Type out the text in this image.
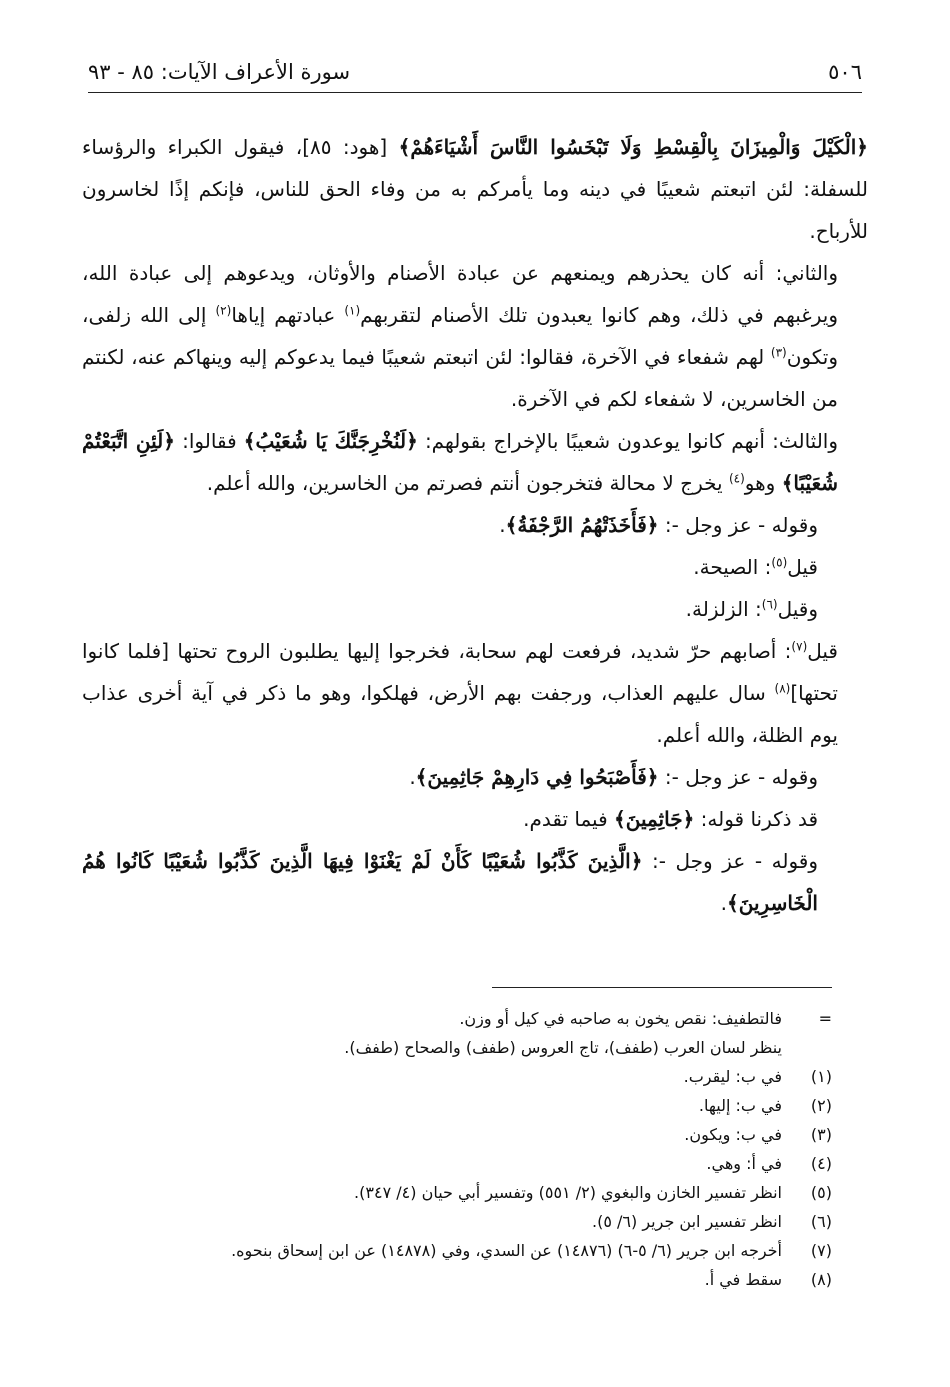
٥٠٦
سورة الأعراف الآيات: ٨٥ - ٩٣

﴿الْكَيْلَ وَالْمِيزَانَ بِالْقِسْطِ وَلَا تَبْخَسُوا النَّاسَ أَشْيَاءَهُمْ﴾ [هود: ٨٥]، فيقول الكبراء والرؤساء للسفلة: لئن اتبعتم شعيبًا في دينه وما يأمركم به من وفاء الحق للناس، فإنكم إذًا لخاسرون للأرباح.

والثاني: أنه كان يحذرهم ويمنعهم عن عبادة الأصنام والأوثان، ويدعوهم إلى عبادة الله، ويرغبهم في ذلك، وهم كانوا يعبدون تلك الأصنام لتقربهم$^{(١)}$ عبادتهم إياها$^{(٢)}$ إلى الله زلفى، وتكون$^{(٣)}$ لهم شفعاء في الآخرة، فقالوا: لئن اتبعتم شعيبًا فيما يدعوكم إليه وينهاكم عنه، لكنتم من الخاسرين، لا شفعاء لكم في الآخرة.

والثالث: أنهم كانوا يوعدون شعيبًا بالإخراج بقولهم: ﴿لَنُخْرِجَنَّكَ يَا شُعَيْبُ﴾ فقالوا: ﴿لَئِنِ اتَّبَعْتُمْ شُعَيْبًا﴾ وهو$^{(٤)}$ يخرج لا محالة فتخرجون أنتم فصرتم من الخاسرين، والله أعلم.

وقوله - عز وجل -: ﴿فَأَخَذَتْهُمُ الرَّجْفَةُ﴾.

قيل$^{(٥)}$: الصيحة.

وقيل$^{(٦)}$: الزلزلة.

قيل$^{(٧)}$: أصابهم حرّ شديد، فرفعت لهم سحابة، فخرجوا إليها يطلبون الروح تحتها [فلما كانوا تحتها]$^{(٨)}$ سال عليهم العذاب، ورجفت بهم الأرض، فهلكوا، وهو ما ذكر في آية أخرى عذاب يوم الظلة، والله أعلم.

وقوله - عز وجل -: ﴿فَأَصْبَحُوا فِي دَارِهِمْ جَاثِمِينَ﴾.

قد ذكرنا قوله: ﴿جَاثِمِينَ﴾ فيما تقدم.

وقوله - عز وجل -: ﴿الَّذِينَ كَذَّبُوا شُعَيْبًا كَأَنْ لَمْ يَغْنَوْا فِيهَا الَّذِينَ كَذَّبُوا شُعَيْبًا كَانُوا هُمُ الْخَاسِرِينَ﴾.

=
فالتطفيف: نقص يخون به صاحبه في كيل أو وزن.
ينظر لسان العرب (طفف)، تاج العروس (طفف) والصحاح (طفف).
(١)
في ب: ليقرب.
(٢)
في ب: إليها.
(٣)
في ب: ويكون.
(٤)
في أ: وهي.
(٥)
انظر تفسير الخازن والبغوي (٢/ ٥٥١) وتفسير أبي حيان (٤/ ٣٤٧).
(٦)
انظر تفسير ابن جرير (٦/ ٥).
(٧)
أخرجه ابن جرير (٦/ ٥-٦) (١٤٨٧٦) عن السدي، وفي (١٤٨٧٨) عن ابن إسحاق بنحوه.
(٨)
سقط في أ.
